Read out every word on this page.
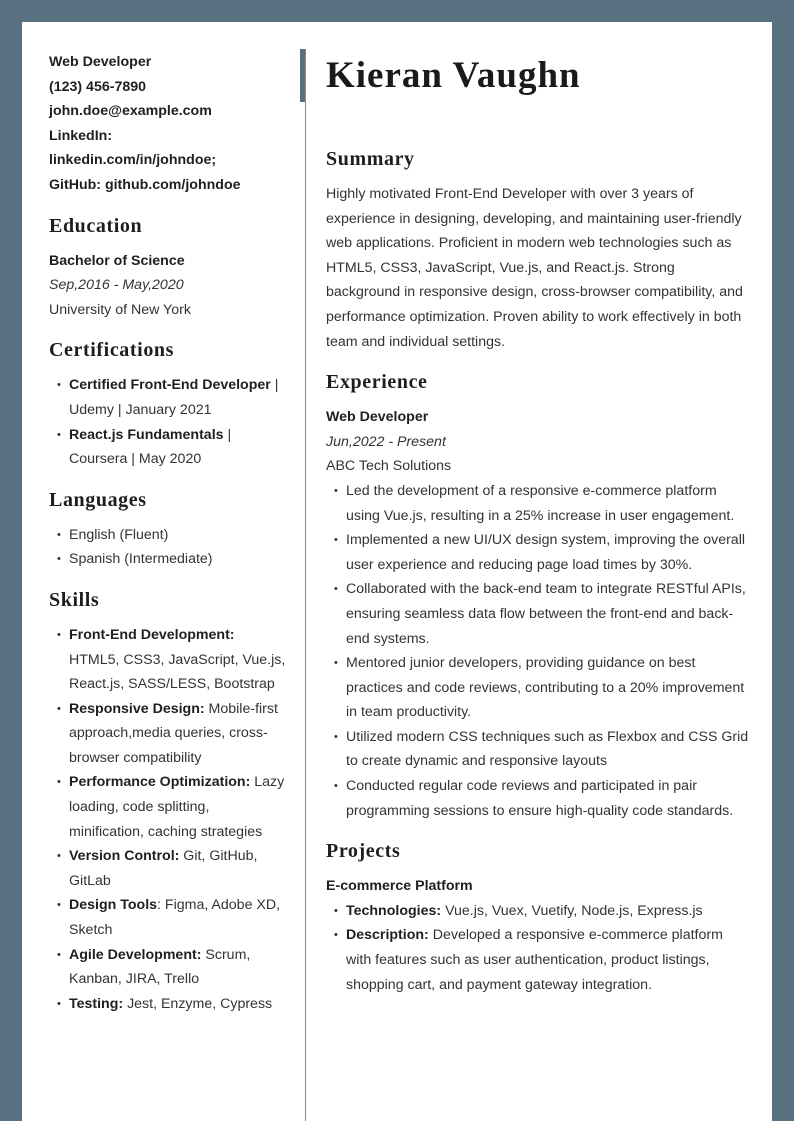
Web Developer
(123) 456-7890
john.doe@example.com
LinkedIn:
linkedin.com/in/johndoe;
GitHub: github.com/johndoe
Education
Bachelor of Science
Sep,2016 - May,2020
University of New York
Certifications
• Certified Front-End Developer |
Udemy | January 2021
• React.js Fundamentals |
Coursera | May 2020
Languages
• English (Fluent)
• Spanish (Intermediate)
Skills
• Front-End Development: HTML5, CSS3, JavaScript, Vue.js, React.js, SASS/LESS, Bootstrap
• Responsive Design: Mobile-first approach,media queries, cross-browser compatibility
• Performance Optimization: Lazy loading, code splitting, minification, caching strategies
• Version Control: Git, GitHub, GitLab
• Design Tools: Figma, Adobe XD, Sketch
• Agile Development: Scrum, Kanban, JIRA, Trello
• Testing: Jest, Enzyme, Cypress
Kieran Vaughn
Summary
Highly motivated Front-End Developer with over 3 years of experience in designing, developing, and maintaining user-friendly web applications. Proficient in modern web technologies such as HTML5, CSS3, JavaScript, Vue.js, and React.js. Strong background in responsive design, cross-browser compatibility, and performance optimization. Proven ability to work effectively in both team and individual settings.
Experience
Web Developer
Jun,2022 - Present
ABC Tech Solutions
• Led the development of a responsive e-commerce platform using Vue.js, resulting in a 25% increase in user engagement.
• Implemented a new UI/UX design system, improving the overall user experience and reducing page load times by 30%.
• Collaborated with the back-end team to integrate RESTful APIs, ensuring seamless data flow between the front-end and back-end systems.
• Mentored junior developers, providing guidance on best practices and code reviews, contributing to a 20% improvement in team productivity.
• Utilized modern CSS techniques such as Flexbox and CSS Grid to create dynamic and responsive layouts
• Conducted regular code reviews and participated in pair programming sessions to ensure high-quality code standards.
Projects
E-commerce Platform
• Technologies: Vue.js, Vuex, Vuetify, Node.js, Express.js
• Description: Developed a responsive e-commerce platform with features such as user authentication, product listings, shopping cart, and payment gateway integration.
